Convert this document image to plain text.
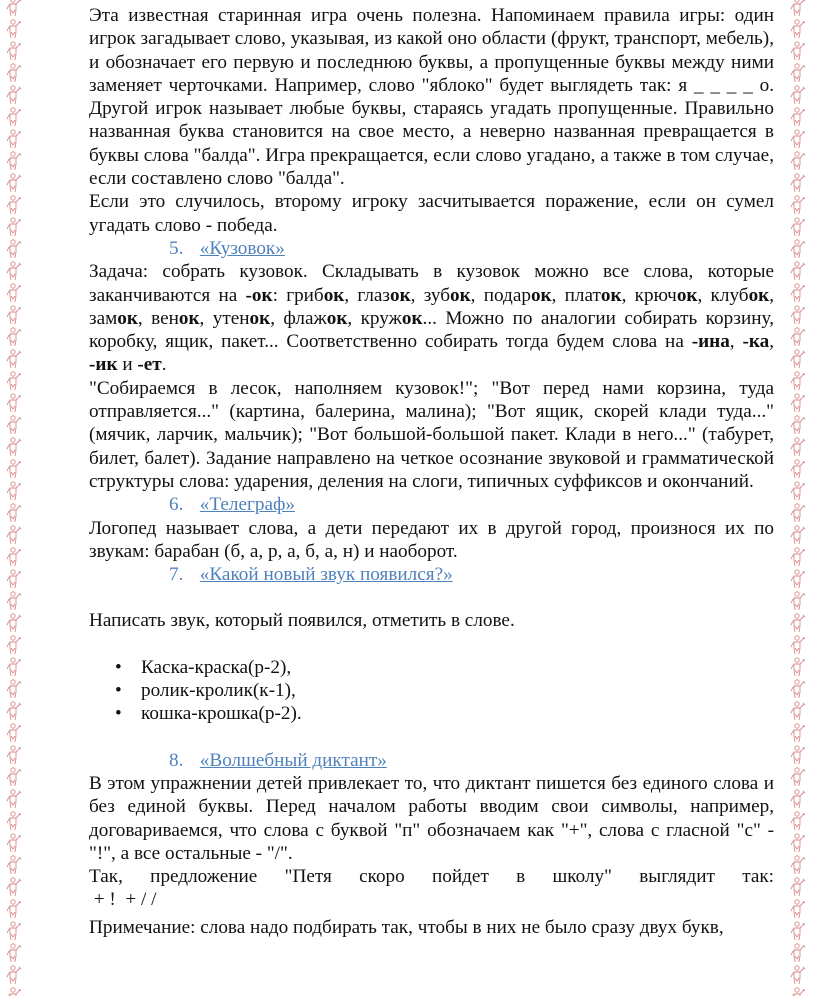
Эта известная старинная игра очень полезна. Напоминаем правила игры: один игрок загадывает слово, указывая, из какой оно области (фрукт, транспорт, мебель), и обозначает его первую и последнюю буквы, а пропущенные буквы между ними заменяет черточками. Например, слово "яблоко" будет выглядеть так: я _ _ _ _ о. Другой игрок называет любые буквы, стараясь угадать пропущенные. Правильно названная буква становится на свое место, а неверно названная превращается в буквы слова "балда". Игра прекращается, если слово угадано, а также в том случае, если составлено слово "балда".

Если это случилось, второму игроку засчитывается поражение, если он сумел угадать слово - победа.

5. «Кузовок»

Задача: собрать кузовок. Складывать в кузовок можно все слова, которые заканчиваются на -ок: грибок, глазок, зубок, подарок, платок, крючок, клубок, замок, венок, утенок, флажок, кружок... Можно по аналогии собирать корзину, коробку, ящик, пакет... Соответственно собирать тогда будем слова на -ина, -ка, -ик и -ет.

"Собираемся в лесок, наполняем кузовок!"; "Вот перед нами корзина, туда отправляется..." (картина, балерина, малина); "Вот ящик, скорей клади туда..." (мячик, ларчик, мальчик); "Вот большой-большой пакет. Клади в него..." (табурет, билет, балет). Задание направлено на четкое осознание звуковой и грамматической структуры слова: ударения, деления на слоги, типичных суффиксов и окончаний.

6. «Телеграф»

Логопед называет слова, а дети передают их в другой город, произнося их по звукам: барабан (б, а, р, а, б, а, н) и наоборот.

7. «Какой новый звук появился?»

Написать звук, который появился, отметить в слове.

• Каска-краска(р-2),
• ролик-кролик(к-1),
• кошка-крошка(р-2).
8. «Волшебный диктант»

В этом упражнении детей привлекает то, что диктант пишется без единого слова и без единой буквы. Перед началом работы вводим свои символы, например, договариваемся, что слова с буквой "п" обозначаем как "+", слова с гласной "с" - "!", а все остальные - "/".

Так, предложение "Петя скоро пойдет в школу" выглядит так:

+ !  + / /

Примечание: слова надо подбирать так, чтобы в них не было сразу двух букв,
